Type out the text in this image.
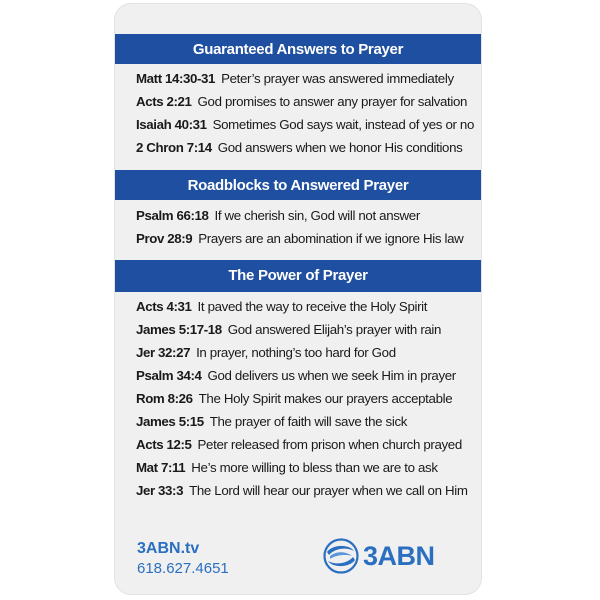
Guaranteed Answers to Prayer
Matt 14:30-31 Peter’s prayer was answered immediately
Acts 2:21 God promises to answer any prayer for salvation
Isaiah 40:31 Sometimes God says wait, instead of yes or no
2 Chron 7:14 God answers when we honor His conditions
Roadblocks to Answered Prayer
Psalm 66:18 If we cherish sin, God will not answer
Prov 28:9 Prayers are an abomination if we ignore His law
The Power of Prayer
Acts 4:31 It paved the way to receive the Holy Spirit
James 5:17-18 God answered Elijah’s prayer with rain
Jer 32:27 In prayer, nothing’s too hard for God
Psalm 34:4 God delivers us when we seek Him in prayer
Rom 8:26 The Holy Spirit makes our prayers acceptable
James 5:15 The prayer of faith will save the sick
Acts 12:5 Peter released from prison when church prayed
Mat 7:11 He’s more willing to bless than we are to ask
Jer 33:3 The Lord will hear our prayer when we call on Him
3ABN.tv
618.627.4651	3ABN
